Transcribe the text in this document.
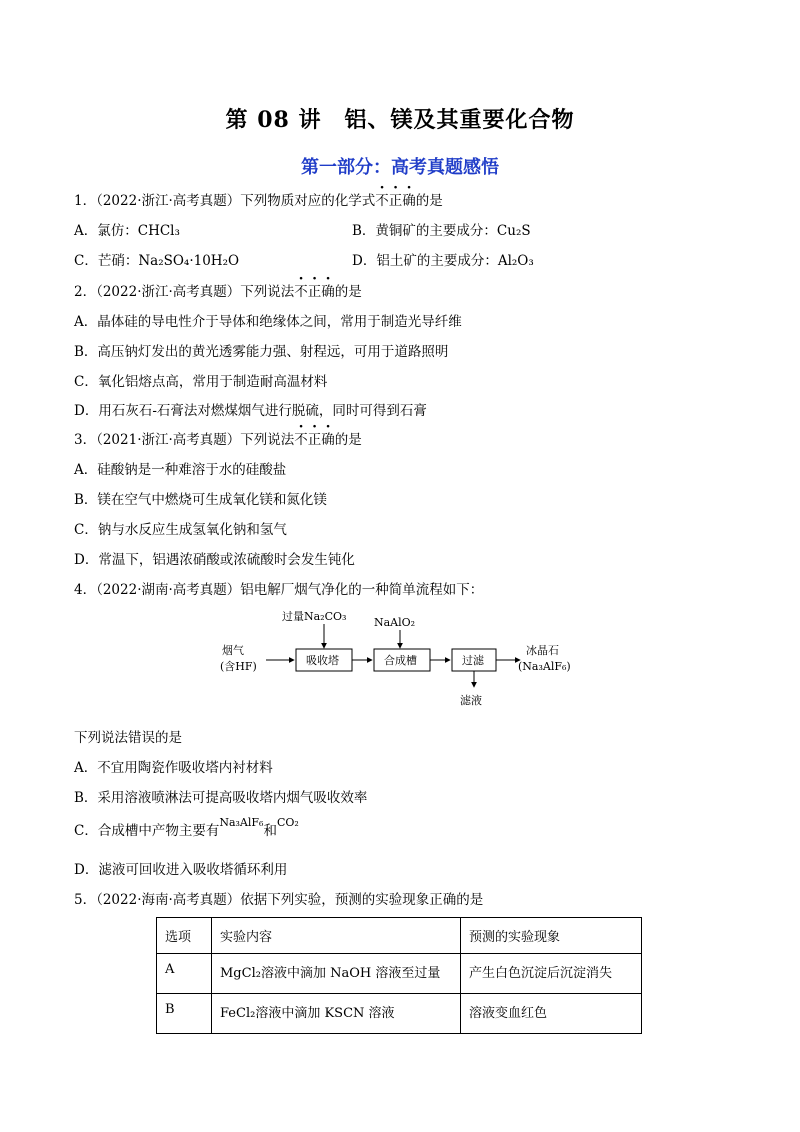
第 08 讲　铝、镁及其重要化合物
第一部分：高考真题感悟
1．（2022·浙江·高考真题）下列物质对应的化学式不正确的是
A．氯仿：CHCl₃	B．黄铜矿的主要成分：Cu₂S
C．芒硝：Na₂SO₄·10H₂O	D．铝土矿的主要成分：Al₂O₃
2．（2022·浙江·高考真题）下列说法不正确的是
A．晶体硅的导电性介于导体和绝缘体之间，常用于制造光导纤维
B．高压钠灯发出的黄光透雾能力强、射程远，可用于道路照明
C．氧化铝熔点高，常用于制造耐高温材料
D．用石灰石-石膏法对燃煤烟气进行脱硫，同时可得到石膏
3．（2021·浙江·高考真题）下列说法不正确的是
A．硅酸钠是一种难溶于水的硅酸盐
B．镁在空气中燃烧可生成氧化镁和氮化镁
C．钠与水反应生成氢氧化钠和氢气
D．常温下，铝遇浓硝酸或浓硫酸时会发生钝化
4．（2022·湖南·高考真题）铝电解厂烟气净化的一种简单流程如下：
烟气
(含HF)
过量Na₂CO₃
吸收塔
NaAlO₂
合成槽	过滤
滤液
冰晶石
(Na₃AlF₆)
下列说法错误的是
A．不宜用陶瓷作吸收塔内衬材料
B．采用溶液喷淋法可提高吸收塔内烟气吸收效率
C．合成槽中产物主要有$^{Na_3AlF_6}$和$^{CO_2}$
D．滤液可回收进入吸收塔循环利用
5．（2022·海南·高考真题）依据下列实验，预测的实验现象正确的是
选项	实验内容	预测的实验现象
A	MgCl₂溶液中滴加 NaOH 溶液至过量	产生白色沉淀后沉淀消失
B	FeCl₂溶液中滴加 KSCN 溶液	溶液变血红色
